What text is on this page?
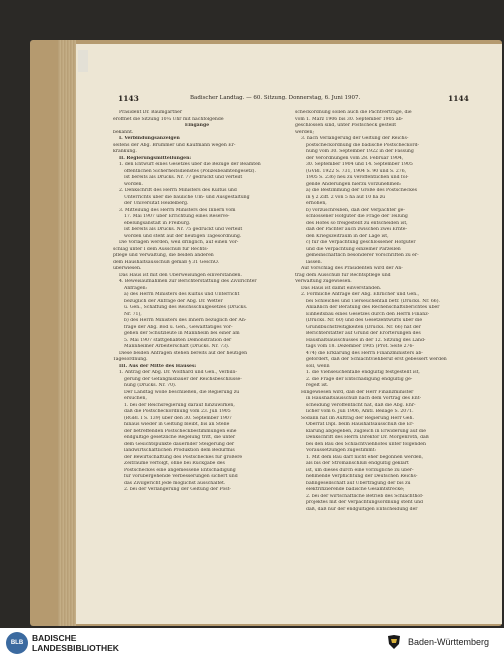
1143	Badischer Landtag. — 60. Sitzung. Donnerstag, 6. Juni 1907.	1144

Präsident Dr. Baumgartner

eröffnet die Sitzung 10¼ Uhr mit nachfolgende

Eingänge

bekannt.

I. Verbindungsanzeigen

seitens der Abg. Brümmer und Kaufmann wegen Er-

krankung.

II. Regierungsmitteilungen:

1. den Entwurf eines Gesetzes über die Bezüge der Beamten

öffentlichen Sicherheitsdienstes (Polizeibeamtengesetz).

Ist bereits als Drucks. Nr. 77 gedruckt und verteilt

worden.

2. Denkschrift des Herrn Ministers des Kultus und

Unterrichts über die bauliche Um- und Ausgestaltung

der Universität Heidelberg.

3. Mitteilung des Herrn Ministers des Innern vom

17. Mai 1907 über Errichtung eines Reserve-

ebelungsanstalt in Freiburg.

Ist bereits als Drucks. Nr. 75 gedruckt und verteilt

worden und steht auf der heutigen Tagesordnung.

Die Vorlagen werden, weil dringlich, auf einen Vor-

schlag unter I dem Ausschuß für Rechts-

pflege und Verwaltung, die beiden anderen

dem Haushaltsausschuß gemäß § 31 GeschO.

überwiesen.

Das Haus ist mit den Überweisungen einverstanden.

4. Beweisaufnahmen zur Berichterstattung des Zivilrichter

Anfragen:

a) des Herrn Ministers des Kultus und Unterricht

bezüglich der Anfrage der Abg. Dr. Wetter

u. Gen., Schaffung des Reichsschulgesetzes (Drucks.

Nr. 71),

b) des Herrn Ministers des Innern bezüglich der An-

frage der Abg. Bod u. Gen., Gewalttätiges Vor-

gehen der Schutzleute in Mannheim bei einer am

5. Mai 1907 stattgehabten Demonstration der

Mannheimer Arbeiterschaft (Drucks. Nr. 73).

Diese beiden Anfragen stehen bereits auf der heutigen

Tagesordnung.

III. Aus der Mitte des Hauses:

1. Antrag der Abg. Dr. Wolfhard und Gen., Verbilli-

gerung der Gefängnisbauer der Reichsbeschlüsse-

nung (Drucks. Nr. 70).

Der Landtag wolle beschließen, die Regierung zu

ersuchen,

1. bei der Reichsregierung darauf hinzuwirken,

daß die Postscheckordnung vom 23. Juli 1905

(RGBl. I S. 139) über den 30. September 1907

hinaus wieder in Geltung bleibt, bis an Stelle

der betreffenden Postscheckbestimmungen eine

endgültige gesetzliche Regelung tritt, die unter

dem Gesichtspunkte dauernder Steigerung der

landwirtschaftlichen Produktion dem Bedürfnis

der Bewirtschaftung des Postscheckes für größere

Zeiträume verfolgt, ohne bei Rückgabe des

Postscheckes eine angemessene Entschädigung

für vorübergehende Verbesserungen sichert und

das Zivilgericht jede möglichst ausschaltet.

2. bei der Verlängerung der Geltung der Post-

scheckordnung sollen auch die Pachtverträge, die

vom 1. März 1906 bis 30. September 1905 ab-

geschlossen sind, unter Postscheck gestellt

werden;

3. nach Verlängerung der Geltung der Reichs-

postscheckordnung die badische Postscheckord-

nung vom 30. September 1922 in der Fassung

der Verordnungen vom 28. Februar 1904,

30. September 1904 und 14. September 1905

(GVBl. 1922 S. 731, 1904 S. 90 und S. 276,

1905 S. 236) neu zu veröffentlichen und fol-

gende Änderungen hierzu vorzunehmen:

a) die Bestimmung der Größe des Postscheckes

in § 2 Ziff. 2 von 5 ha auf 10 ha zu

erhöhen,

b) vorzuschreiben, daß der Verpächter ge-

schlossener Hofgüter die Frage der Teilung

des Hofes so freigestellt zu entscheiden ist,

daß der Pächter auch zwischen zwei Ernte-

den Kriegszeitraum in der Lage ist,

c) für die Verpachtung geschlossener Hofgüter

und die Verpachtung einzelner Parzellen

gemeinschaftlich besonderer Vorschriften zu er-

lassen.

Auf Vorschlag des Präsidenten wird der An-

trag dem Ausschuß für Rechtspflege und

Verwaltung zugewiesen.

Das Haus ist damit einverstanden.

2. Förmliche Anfrage der Abg. Ehrlicher und Gen.,

bei Schleiches und Tierseuchenfall betr. (Drucks. Nr. 66).

Anläßlich der Beratung des Rechenschaftsberichtes über

Einheitsbau eines Gesetzes durch den Herrn Finanz-

(Drucks. Nr. 60) und des Gesetzentwurfs über die

Grundbuchstreitigkeiten (Drucks. Nr. 66) hat der

Berichterstatter auf Grund der Erörterungen des

Haushaltsausschusses in der 12. Sitzung des Land-

tags vom 18. Dezember 1905 (Prot. Seite 276-

474) die Erklärung des Herrn Finanzministers ab-

gefordert, daß der Schlachtviehberuf erst gebessert werden

soll, wenn

1. die Viehseuchenfälle endgültig festgestellt ist,

2. die Frage der Entschädigung endgültig ge-

regelt ist.

Hingewiesen wird, daß der Herr Finanzminister

in Haushaltsausschuß nach dem Vortrag des Ent-

scheidung veröffentlicht hat, daß die Abg. Ehr-

licher vom 6. Juli 1906, Amtl. Beilage S. 2071.

Sodann hat im Auftrag der Regierung Herr Geh.

Oberrat Dipl. beim Haushaltsausschuß die Er-

klärung abgegeben, zugleich in Erwiderung auf die

Denkschrift des Herrn Direktor Dr. Morgenroth, daß

bei den Bau des Schlachtviehhofes unter folgenden

Voraussetzungen zugestimmt:

1. Mit dem Bau darf nicht eher begonnen werden,

als bis der Stromanschluß endgültig geklärt

ist, um dieses durch eine vorzugliche zu über-

nehmende Verpflichtung der Deutschen Reichs-

bahngesellschaft auf Übertragung der bis zu

elektrifizierende badische Gesamtstrecke;

2. bei der wirtschaftliche Betrieb des Schlachthof-

projektes mit der Verpachtungsordnung steht und

daß, daß nur der endgültigen Entscheidung der

BLB	BADISCHE
LANDESBIBLIOTHEK
Baden-Württemberg
